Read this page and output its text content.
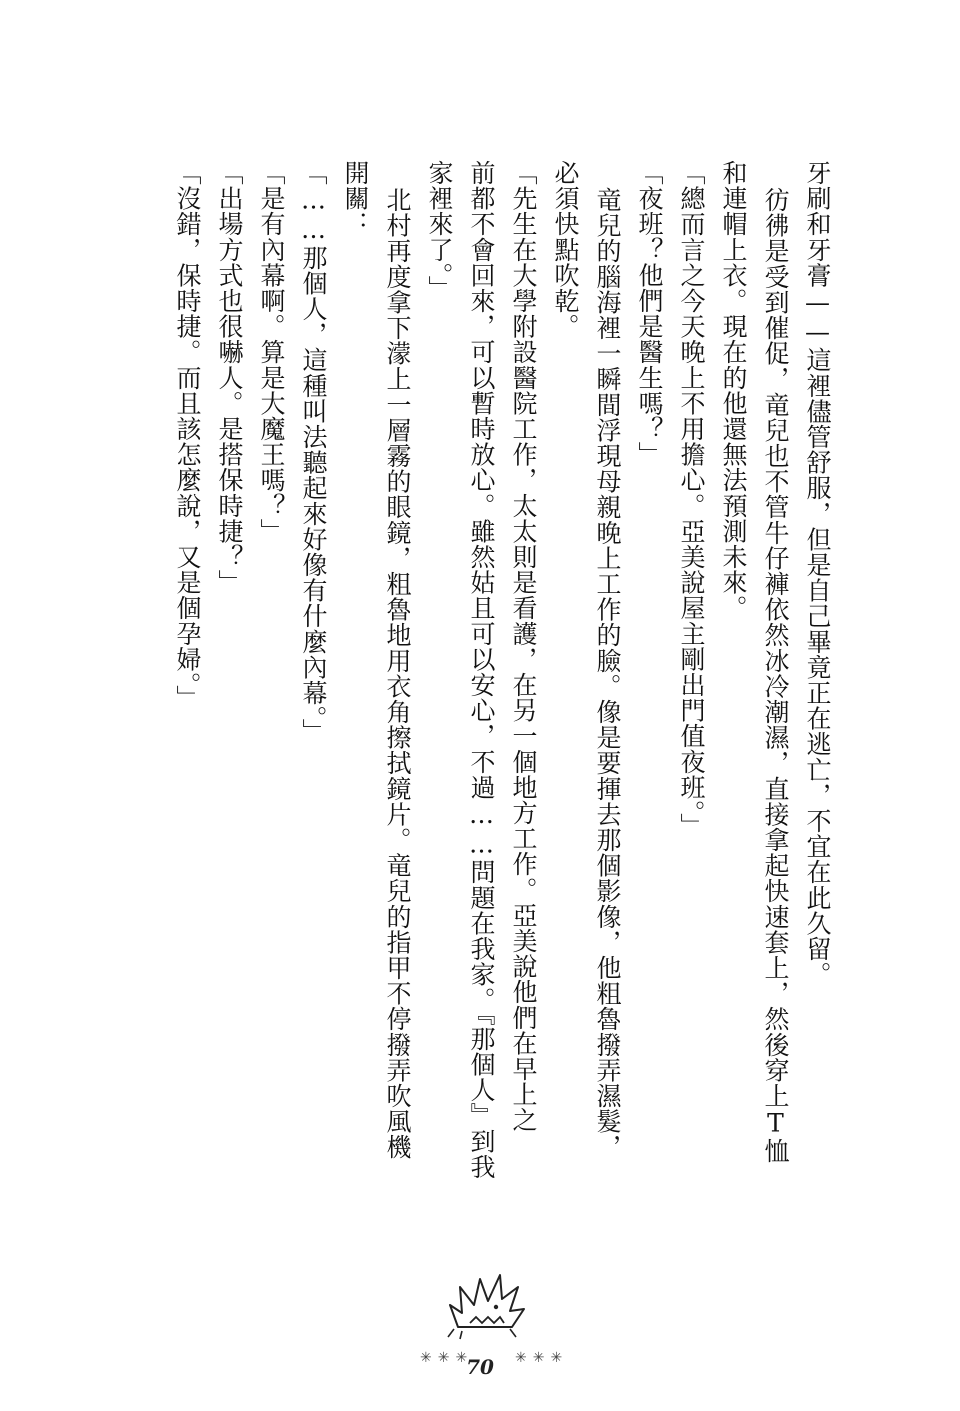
牙刷和牙膏——這裡儘管舒服，但是自己畢竟正在逃亡，不宜在此久留。
彷彿是受到催促，竜兒也不管牛仔褲依然冰冷潮濕，直接拿起快速套上，然後穿上T恤
和連帽上衣。現在的他還無法預測未來。
「總而言之今天晚上不用擔心。亞美說屋主剛出門值夜班。」
「夜班？他們是醫生嗎？」
竜兒的腦海裡一瞬間浮現母親晚上工作的臉。像是要揮去那個影像，他粗魯撥弄濕髮，
必須快點吹乾。
「先生在大學附設醫院工作，太太則是看護，在另一個地方工作。亞美說他們在早上之
前都不會回來，可以暫時放心。雖然姑且可以安心，不過……問題在我家。『那個人』到我
家裡來了。」
北村再度拿下濛上一層霧的眼鏡，粗魯地用衣角擦拭鏡片。竜兒的指甲不停撥弄吹風機
開關：
「……那個人，這種叫法聽起來好像有什麼內幕。」
「是有內幕啊。算是大魔王嗎？」
「出場方式也很嚇人。是搭保時捷？」
「沒錯，保時捷。而且該怎麼說，又是個孕婦。」
✳✳✳	✳✳✳
70
